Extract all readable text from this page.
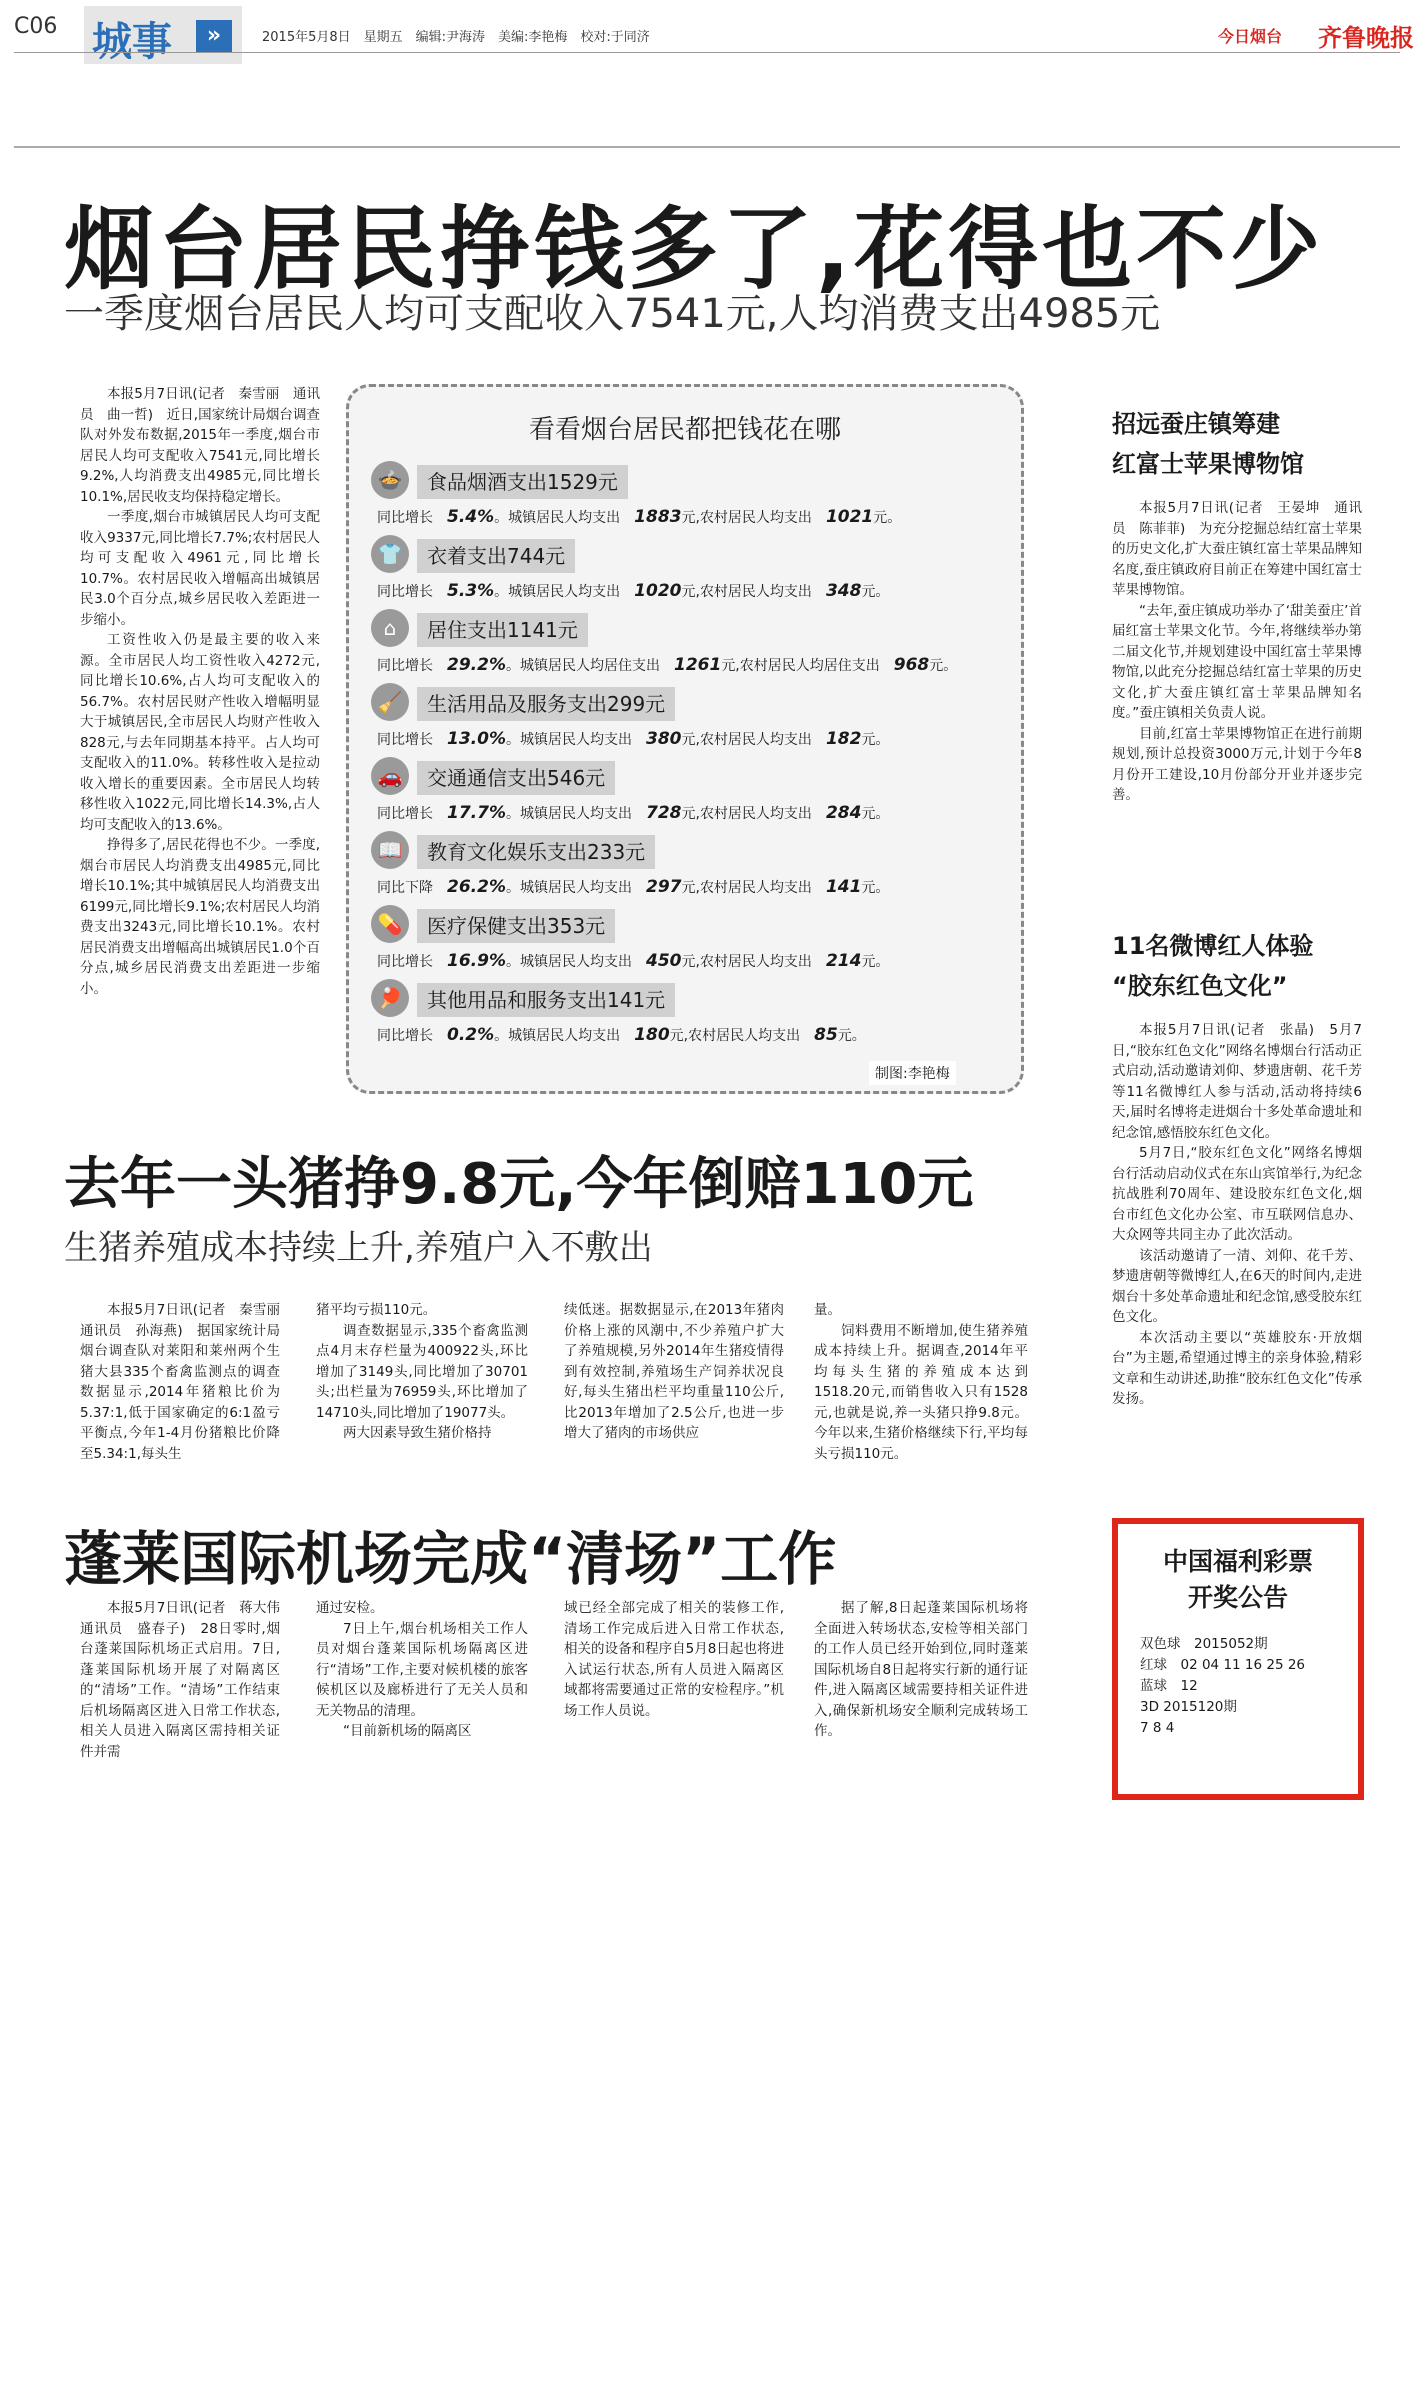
C06 城事	»	2015年5月8日　星期五　编辑:尹海涛　美编:李艳梅　校对:于同济	今日烟台 齐鲁晚报
烟台居民挣钱多了,花得也不少
一季度烟台居民人均可支配收入7541元,人均消费支出4985元

本报5月7日讯(记者　秦雪丽　通讯员　曲一哲)　近日,国家统计局烟台调查队对外发布数据,2015年一季度,烟台市居民人均可支配收入7541元,同比增长9.2%,人均消费支出4985元,同比增长10.1%,居民收支均保持稳定增长。

一季度,烟台市城镇居民人均可支配收入9337元,同比增长7.7%;农村居民人均可支配收入4961元,同比增长10.7%。农村居民收入增幅高出城镇居民3.0个百分点,城乡居民收入差距进一步缩小。

工资性收入仍是最主要的收入来源。全市居民人均工资性收入4272元,同比增长10.6%,占人均可支配收入的56.7%。农村居民财产性收入增幅明显大于城镇居民,全市居民人均财产性收入828元,与去年同期基本持平。占人均可支配收入的11.0%。转移性收入是拉动收入增长的重要因素。全市居民人均转移性收入1022元,同比增长14.3%,占人均可支配收入的13.6%。

挣得多了,居民花得也不少。一季度,烟台市居民人均消费支出4985元,同比增长10.1%;其中城镇居民人均消费支出6199元,同比增长9.1%;农村居民人均消费支出3243元,同比增长10.1%。农村居民消费支出增幅高出城镇居民1.0个百分点,城乡居民消费支出差距进一步缩小。

看看烟台居民都把钱花在哪
🍲	食品烟酒支出1529元
同比增长　 5.4%。城镇居民人均支出　 1883元,农村居民人均支出　 1021元。
👕	衣着支出744元
同比增长　 5.3%。城镇居民人均支出　 1020元,农村居民人均支出　 348元。
⌂	居住支出1141元
同比增长　 29.2%。城镇居民人均居住支出　 1261元,农村居民人均居住支出　 968元。
🧹	生活用品及服务支出299元
同比增长　 13.0%。城镇居民人均支出　 380元,农村居民人均支出　 182元。
🚗	交通通信支出546元
同比增长　 17.7%。城镇居民人均支出　 728元,农村居民人均支出　 284元。
📖	教育文化娱乐支出233元
同比下降　 26.2%。城镇居民人均支出　 297元,农村居民人均支出　 141元。
💊	医疗保健支出353元
同比增长　 16.9%。城镇居民人均支出　 450元,农村居民人均支出　 214元。
🏓	其他用品和服务支出141元
同比增长　 0.2%。城镇居民人均支出　 180元,农村居民人均支出　 85元。
制图:李艳梅
去年一头猪挣9.8元,今年倒赔110元
生猪养殖成本持续上升,养殖户入不敷出

本报5月7日讯(记者　秦雪丽　通讯员　孙海燕)　据国家统计局烟台调查队对莱阳和莱州两个生猪大县335个畜禽监测点的调查数据显示,2014年猪粮比价为5.37:1,低于国家确定的6:1盈亏平衡点,今年1-4月份猪粮比价降至5.34:1,每头生

猪平均亏损110元。

调查数据显示,335个畜禽监测点4月末存栏量为400922头,环比增加了3149头,同比增加了30701头;出栏量为76959头,环比增加了14710头,同比增加了19077头。

两大因素导致生猪价格持

续低迷。据数据显示,在2013年猪肉价格上涨的风潮中,不少养殖户扩大了养殖规模,另外2014年生猪疫情得到有效控制,养殖场生产饲养状况良好,每头生猪出栏平均重量110公斤,比2013年增加了2.5公斤,也进一步增大了猪肉的市场供应

量。

饲料费用不断增加,使生猪养殖成本持续上升。据调查,2014年平均每头生猪的养殖成本达到1518.20元,而销售收入只有1528元,也就是说,养一头猪只挣9.8元。今年以来,生猪价格继续下行,平均每头亏损110元。

蓬莱国际机场完成“清场”工作

本报5月7日讯(记者　蒋大伟　通讯员　盛春子)　28日零时,烟台蓬莱国际机场正式启用。7日,蓬莱国际机场开展了对隔离区的“清场”工作。“清场”工作结束后机场隔离区进入日常工作状态,相关人员进入隔离区需持相关证件并需

通过安检。

7日上午,烟台机场相关工作人员对烟台蓬莱国际机场隔离区进行“清场”工作,主要对候机楼的旅客候机区以及廊桥进行了无关人员和无关物品的清理。

“目前新机场的隔离区

域已经全部完成了相关的装修工作,清场工作完成后进入日常工作状态,相关的设备和程序自5月8日起也将进入试运行状态,所有人员进入隔离区域都将需要通过正常的安检程序。”机场工作人员说。

据了解,8日起蓬莱国际机场将全面进入转场状态,安检等相关部门的工作人员已经开始到位,同时蓬莱国际机场自8日起将实行新的通行证件,进入隔离区域需要持相关证件进入,确保新机场安全顺利完成转场工作。

招远蚕庄镇筹建
红富士苹果博物馆

本报5月7日讯(记者　王晏坤　通讯员　陈菲菲)　为充分挖掘总结红富士苹果的历史文化,扩大蚕庄镇红富士苹果品牌知名度,蚕庄镇政府目前正在筹建中国红富士苹果博物馆。

“去年,蚕庄镇成功举办了‘甜美蚕庄’首届红富士苹果文化节。今年,将继续举办第二届文化节,并规划建设中国红富士苹果博物馆,以此充分挖掘总结红富士苹果的历史文化,扩大蚕庄镇红富士苹果品牌知名度。”蚕庄镇相关负责人说。

目前,红富士苹果博物馆正在进行前期规划,预计总投资3000万元,计划于今年8月份开工建设,10月份部分开业并逐步完善。

11名微博红人体验
“胶东红色文化”

本报5月7日讯(记者　张晶)　5月7日,“胶东红色文化”网络名博烟台行活动正式启动,活动邀请刘仰、梦遗唐朝、花千芳等11名微博红人参与活动,活动将持续6天,届时名博将走进烟台十多处革命遗址和纪念馆,感悟胶东红色文化。

5月7日,“胶东红色文化”网络名博烟台行活动启动仪式在东山宾馆举行,为纪念抗战胜利70周年、建设胶东红色文化,烟台市红色文化办公室、市互联网信息办、大众网等共同主办了此次活动。

该活动邀请了一清、刘仰、花千芳、梦遗唐朝等微博红人,在6天的时间内,走进烟台十多处革命遗址和纪念馆,感受胶东红色文化。

本次活动主要以“英雄胶东·开放烟台”为主题,希望通过博主的亲身体验,精彩文章和生动讲述,助推“胶东红色文化”传承发扬。

中国福利彩票
开奖公告
双色球　2015052期
红球　02 04 11 16 25 26
蓝球　12
3D 2015120期
7 8 4
